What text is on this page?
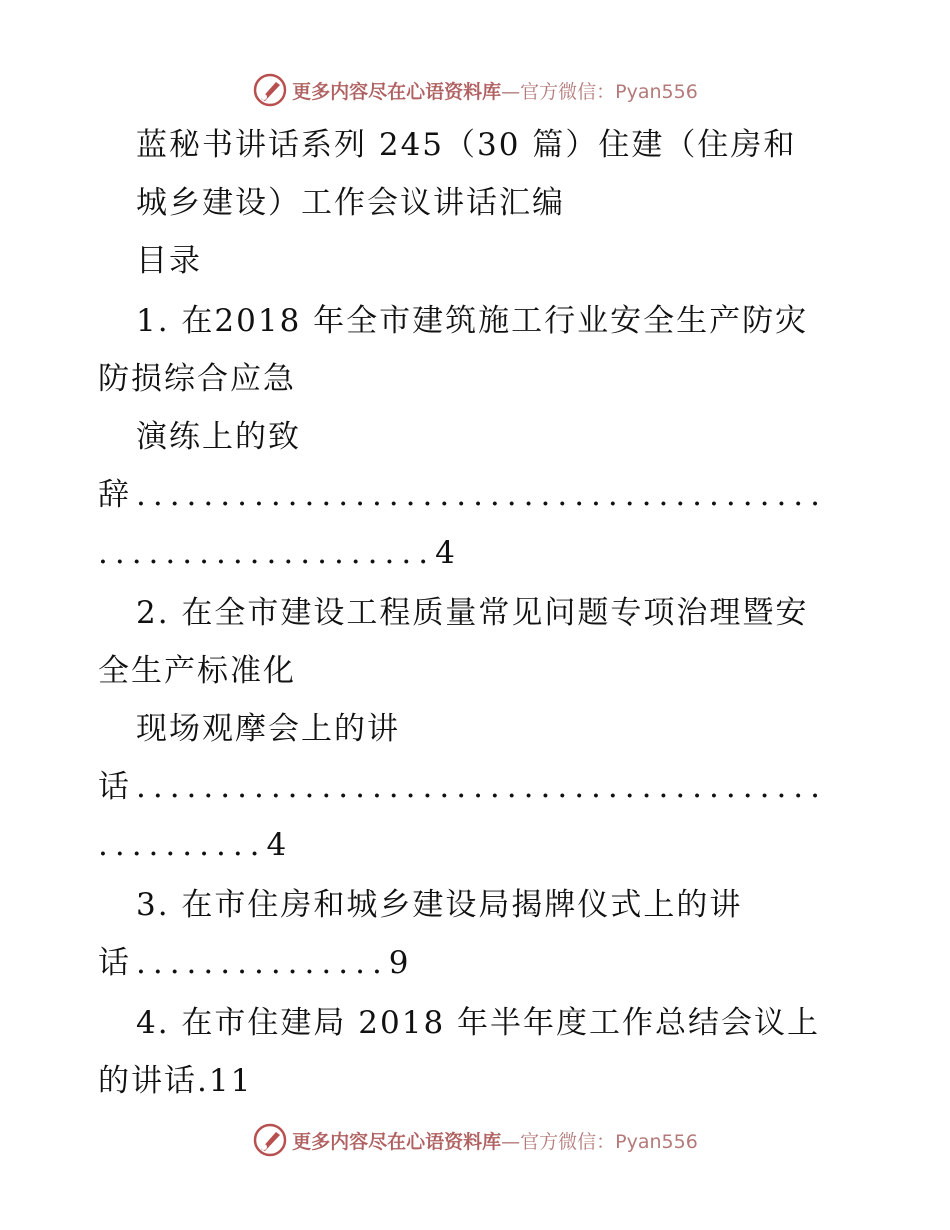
更多内容尽在心语资料库—官方微信：Pyan556
蓝秘书讲话系列 245（30 篇）住建（住房和
城乡建设）工作会议讲话汇编
目录
1. 在2018 年全市建筑施工行业安全生产防灾
防损综合应急
演练上的致
辞.........................................
....................4
2. 在全市建设工程质量常见问题专项治理暨安
全生产标准化
现场观摩会上的讲
话.........................................
..........4
3. 在市住房和城乡建设局揭牌仪式上的讲
话...............9
4. 在市住建局 2018 年半年度工作总结会议上
的讲话.11
更多内容尽在心语资料库—官方微信：Pyan556
